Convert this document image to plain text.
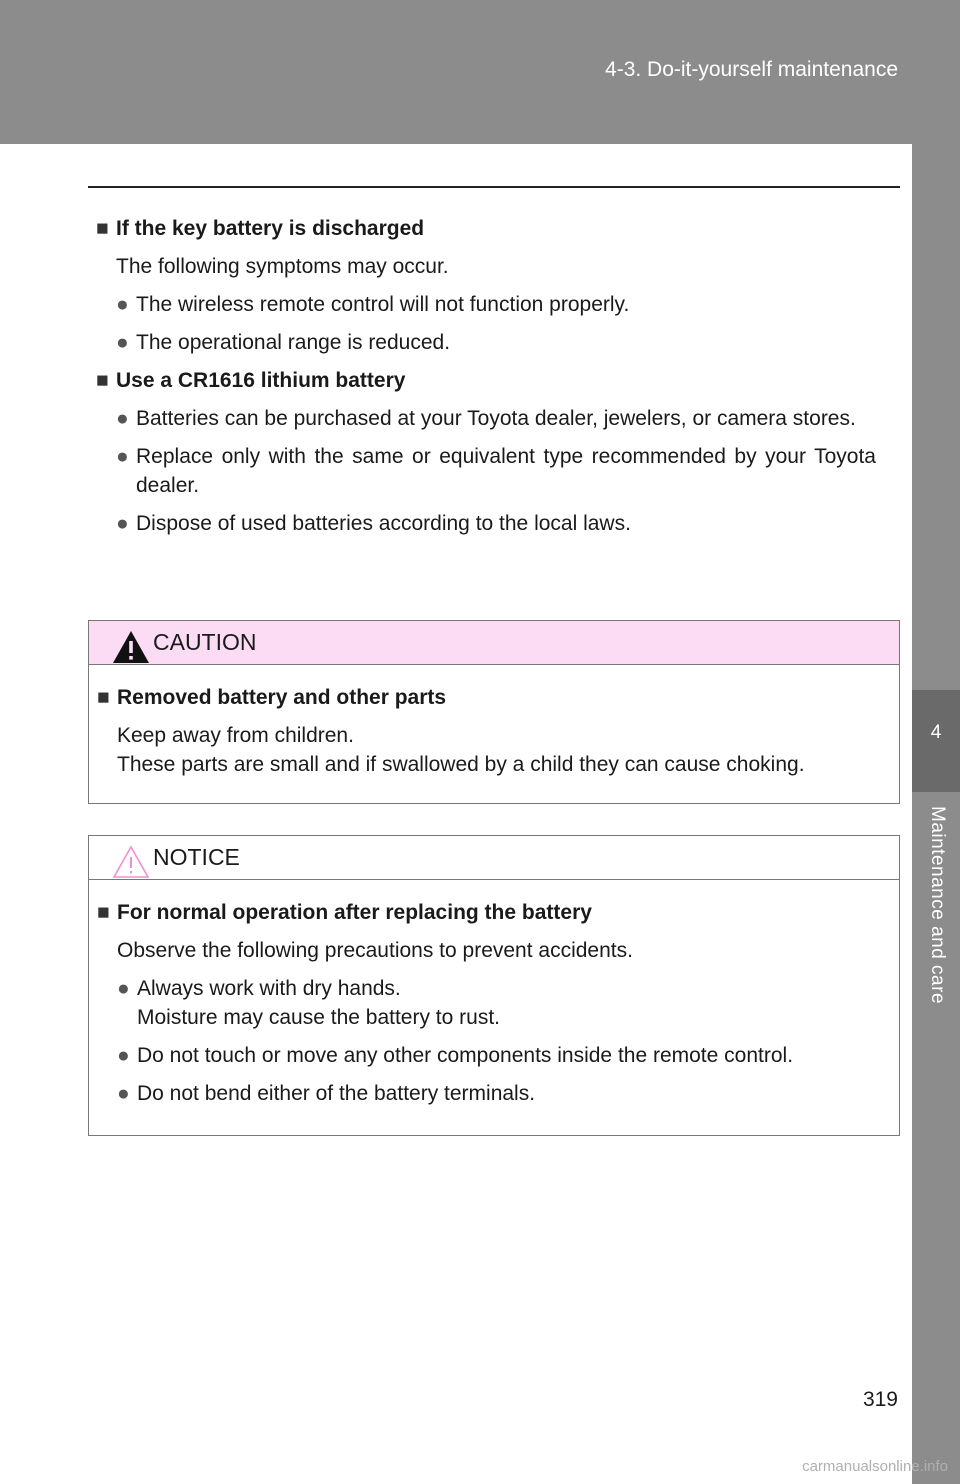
4-3. Do-it-yourself maintenance
4
Maintenance and care
■ If the key battery is discharged
The following symptoms may occur.
● The wireless remote control will not function properly.
● The operational range is reduced.
■ Use a CR1616 lithium battery
● Batteries can be purchased at your Toyota dealer, jewelers, or camera stores.
● Replace only with the same or equivalent type recommended by your Toyota dealer.
● Dispose of used batteries according to the local laws.
CAUTION
■ Removed battery and other parts
Keep away from children.
These parts are small and if swallowed by a child they can cause choking.
NOTICE
■ For normal operation after replacing the battery
Observe the following precautions to prevent accidents.
● Always work with dry hands.
Moisture may cause the battery to rust.
● Do not touch or move any other components inside the remote control.
● Do not bend either of the battery terminals.
319
carmanualsonline.info
